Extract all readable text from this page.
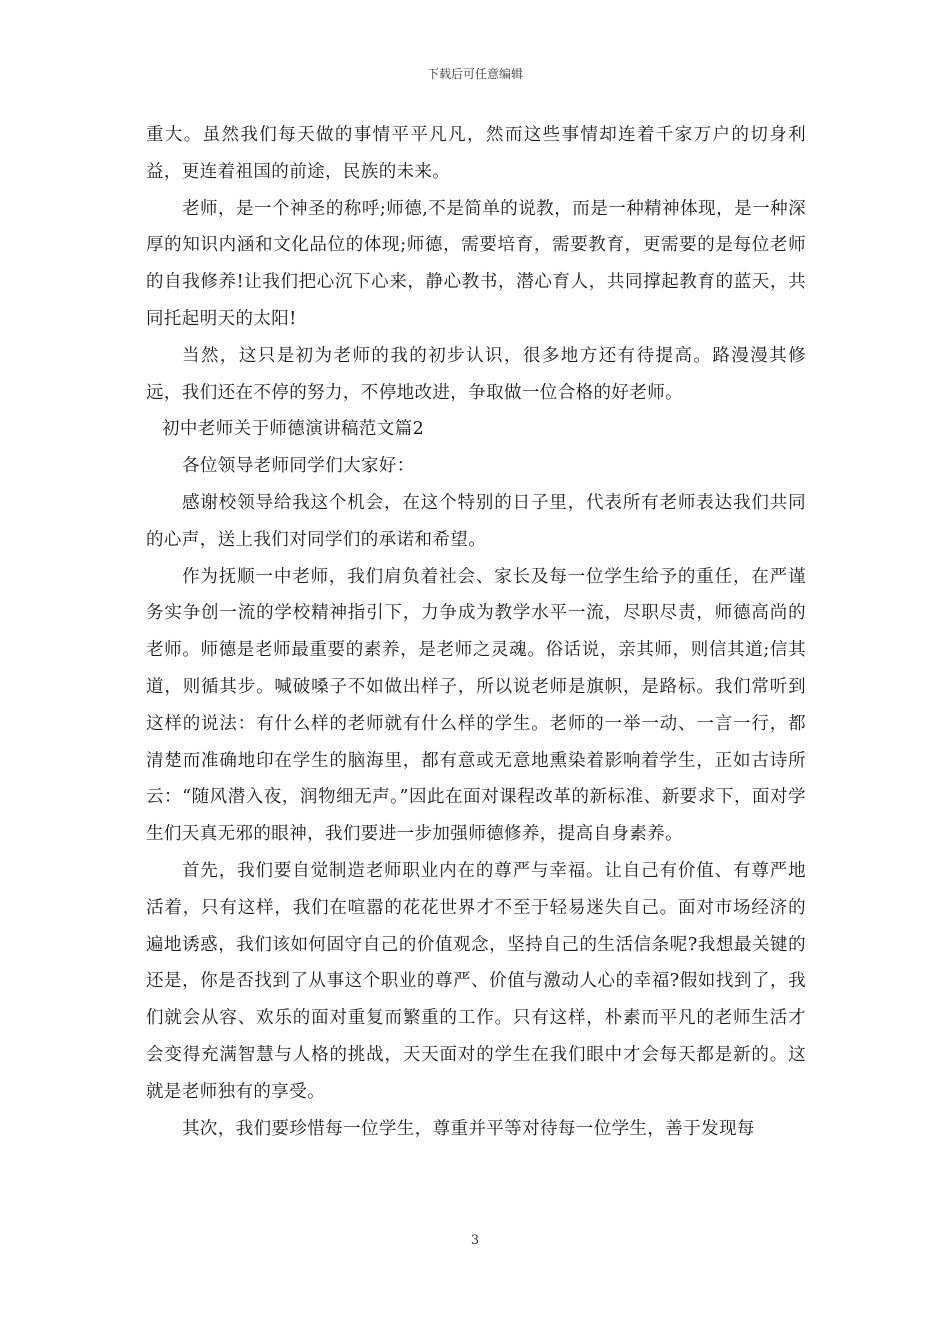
下载后可任意编辑

重大。虽然我们每天做的事情平平凡凡，然而这些事情却连着千家万户的切身利益，更连着祖国的前途，民族的未来。

老师，是一个神圣的称呼;师德,不是简单的说教，而是一种精神体现，是一种深厚的知识内涵和文化品位的体现;师德，需要培育，需要教育，更需要的是每位老师的自我修养!让我们把心沉下心来，静心教书，潜心育人，共同撑起教育的蓝天，共同托起明天的太阳!

当然，这只是初为老师的我的初步认识，很多地方还有待提高。路漫漫其修远，我们还在不停的努力，不停地改进，争取做一位合格的好老师。

初中老师关于师德演讲稿范文篇2

各位领导老师同学们大家好：

感谢校领导给我这个机会，在这个特别的日子里，代表所有老师表达我们共同的心声，送上我们对同学们的承诺和希望。

作为抚顺一中老师，我们肩负着社会、家长及每一位学生给予的重任，在严谨务实争创一流的学校精神指引下，力争成为教学水平一流，尽职尽责，师德高尚的老师。师德是老师最重要的素养，是老师之灵魂。俗话说，亲其师，则信其道;信其道，则循其步。喊破嗓子不如做出样子，所以说老师是旗帜，是路标。我们常听到这样的说法：有什么样的老师就有什么样的学生。老师的一举一动、一言一行，都清楚而准确地印在学生的脑海里，都有意或无意地熏染着影响着学生，正如古诗所云：“随风潜入夜，润物细无声。”因此在面对课程改革的新标准、新要求下，面对学生们天真无邪的眼神，我们要进一步加强师德修养，提高自身素养。

首先，我们要自觉制造老师职业内在的尊严与幸福。让自己有价值、有尊严地活着，只有这样，我们在喧嚣的花花世界才不至于轻易迷失自己。面对市场经济的遍地诱惑，我们该如何固守自己的价值观念，坚持自己的生活信条呢?我想最关键的还是，你是否找到了从事这个职业的尊严、价值与激动人心的幸福?假如找到了，我们就会从容、欢乐的面对重复而繁重的工作。只有这样，朴素而平凡的老师生活才会变得充满智慧与人格的挑战，天天面对的学生在我们眼中才会每天都是新的。这就是老师独有的享受。

其次，我们要珍惜每一位学生，尊重并平等对待每一位学生，善于发现每

3
